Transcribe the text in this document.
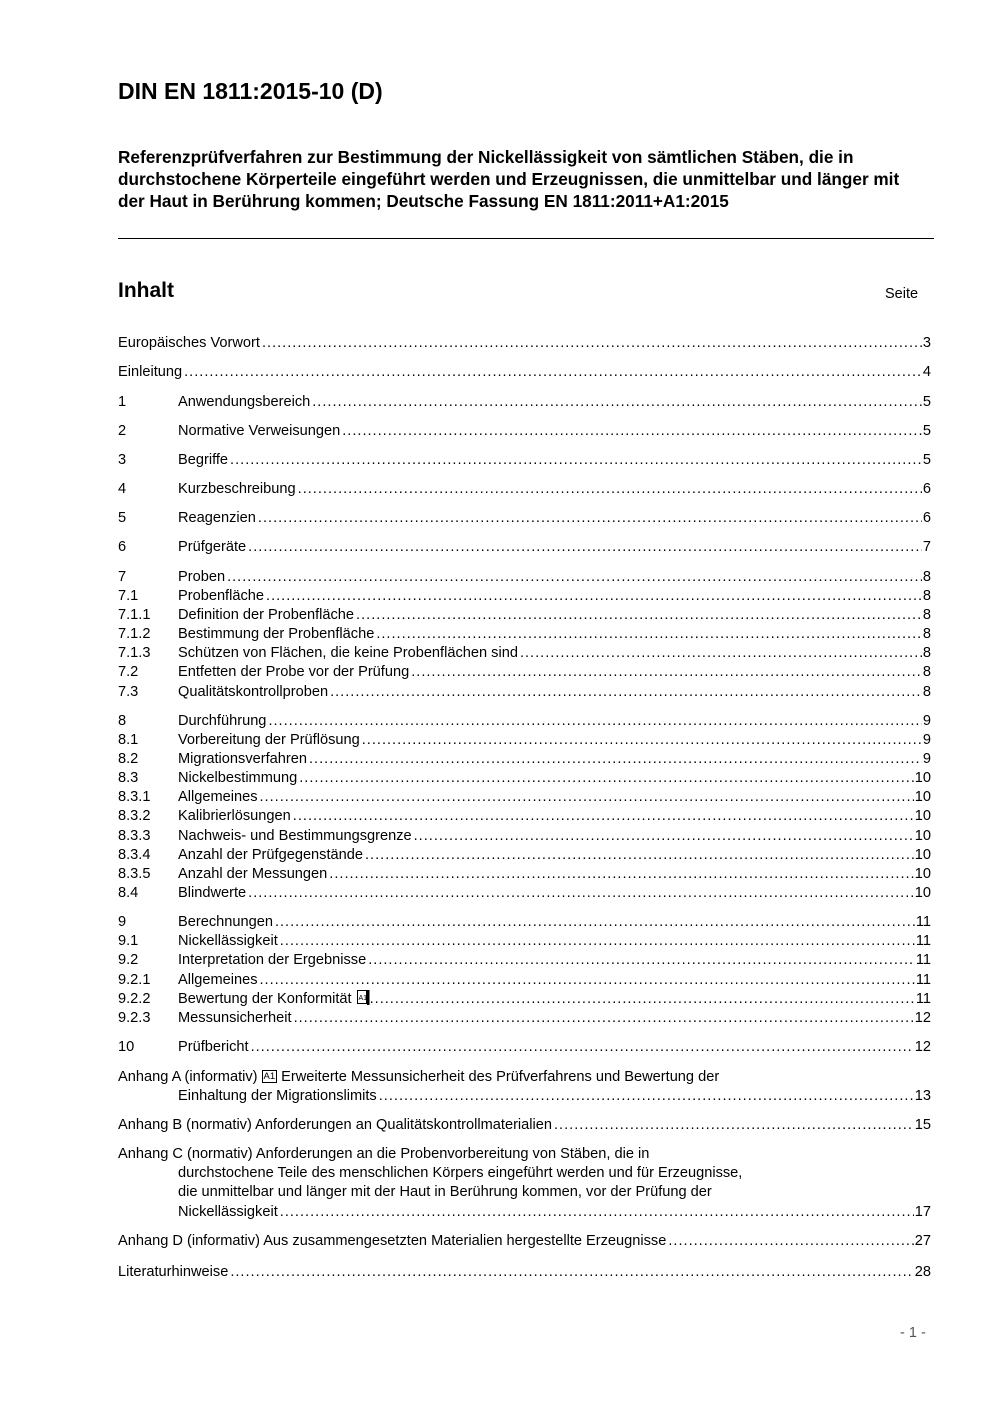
DIN EN 1811:2015-10 (D)

Referenzprüfverfahren zur Bestimmung der Nickellässigkeit von sämtlichen Stäben, die in durchstochene Körperteile eingeführt werden und Erzeugnissen, die unmittelbar und länger mit der Haut in Berührung kommen; Deutsche Fassung EN 1811:2011+A1:2015

Inhalt	Seite
Europäisches Vorwort .....	3
Einleitung .....	4
1	Anwendungsbereich .....	5
2	Normative Verweisungen .....	5
3	Begriffe .....	5
4	Kurzbeschreibung .....	6
5	Reagenzien .....	6
6	Prüfgeräte .....	7
7	Proben .....	8
7.1	Probenfläche .....	8
7.1.1	Definition der Probenfläche .....	8
7.1.2	Bestimmung der Probenfläche .....	8
7.1.3	Schützen von Flächen, die keine Probenflächen sind .....	8
7.2	Entfetten der Probe vor der Prüfung .....	8
7.3	Qualitätskontrollproben .....	8
8	Durchführung .....	9
8.1	Vorbereitung der Prüflösung .....	9
8.2	Migrationsverfahren .....	9
8.3	Nickelbestimmung .....	10
8.3.1	Allgemeines .....	10
8.3.2	Kalibrierlösungen .....	10
8.3.3	Nachweis- und Bestimmungsgrenze .....	10
8.3.4	Anzahl der Prüfgegenstände .....	10
8.3.5	Anzahl der Messungen .....	10
8.4	Blindwerte .....	10
9	Berechnungen .....	11
9.1	Nickellässigkeit .....	11
9.2	Interpretation der Ergebnisse .....	11
9.2.1	Allgemeines .....	11
9.2.2	Bewertung der Konformität A1 .....	11
9.2.3	Messunsicherheit .....	12
10	Prüfbericht .....	12
Anhang A (informativ) A1 Erweiterte Messunsicherheit des Prüfverfahrens und Bewertung der
Einhaltung der Migrationslimits .....	13
Anhang B (normativ) Anforderungen an Qualitätskontrollmaterialien .....	15
Anhang C (normativ) Anforderungen an die Probenvorbereitung von Stäben, die in
durchstochene Teile des menschlichen Körpers eingeführt werden und für Erzeugnisse,
die unmittelbar und länger mit der Haut in Berührung kommen, vor der Prüfung der
Nickellässigkeit .....	17
Anhang D (informativ) Aus zusammengesetzten Materialien hergestellte Erzeugnisse .....	27
Literaturhinweise .....	28
- 1 -
